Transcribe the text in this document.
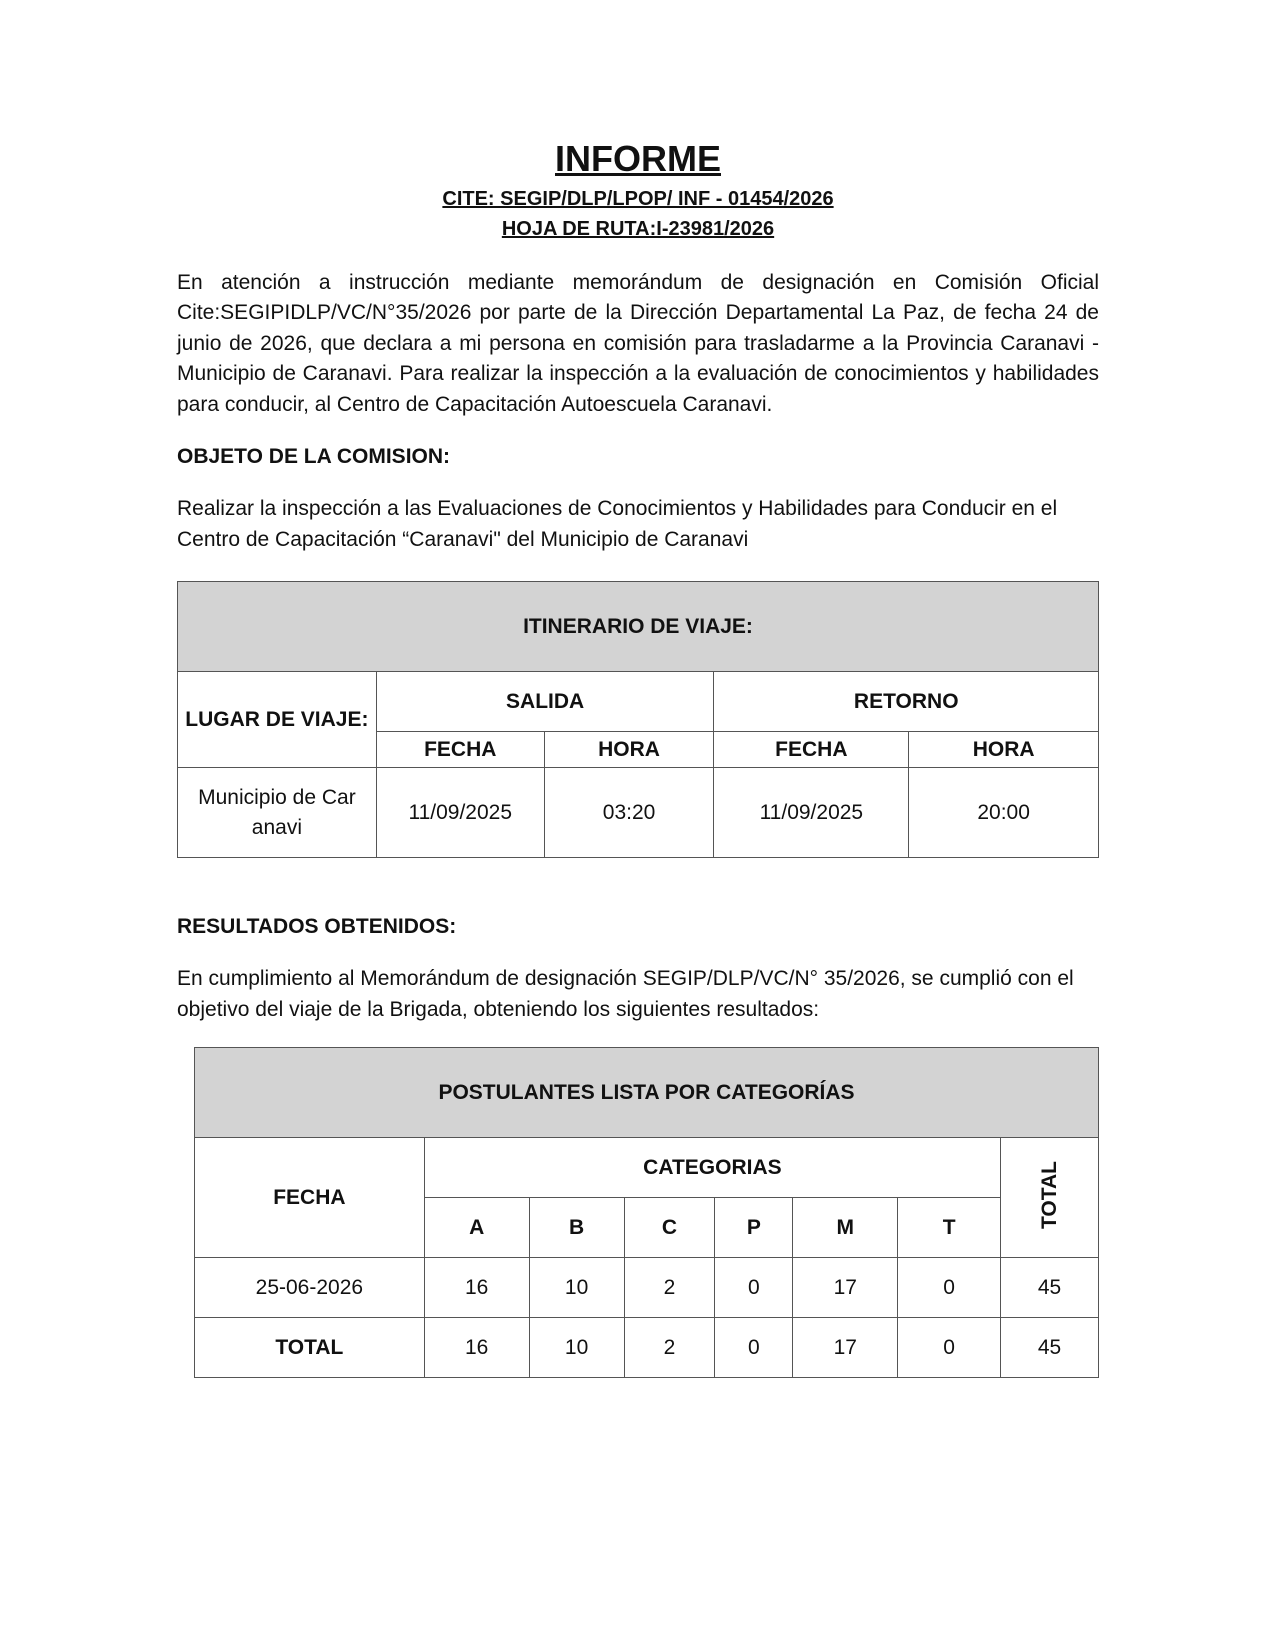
INFORME

CITE: SEGIP/DLP/LPOP/ INF - 01454/2026

HOJA DE RUTA:I-23981/2026

En atención a instrucción mediante memorándum de designación en Comisión Oficial Cite:SEGIPIDLP/VC/N°35/2026 por parte de la Dirección Departamental La Paz, de fecha 24 de junio de 2026, que declara a mi persona en comisión para trasladarme a la Provincia Caranavi - Municipio de Caranavi. Para realizar la inspección a la evaluación de conocimientos y habilidades para conducir, al Centro de Capacitación Autoescuela Caranavi.

OBJETO DE LA COMISION:

Realizar la inspección a las Evaluaciones de Conocimientos y Habilidades para Conducir en el Centro de Capacitación “Caranavi" del Municipio de Caranavi

ITINERARIO DE VIAJE:				
LUGAR DE VIAJE:	SALIDA		RETORNO	
	FECHA	HORA	FECHA	HORA
Municipio de Car anavi	11/09/2025	03:20	11/09/2025	20:00

RESULTADOS OBTENIDOS:

En cumplimiento al Memorándum de designación SEGIP/DLP/VC/N° 35/2026, se cumplió con el objetivo del viaje de la Brigada, obteniendo los siguientes resultados:

POSTULANTES LISTA POR CATEGORÍAS							
FECHA	CATEGORIAS						TOTAL
	A	B	C	P	M	T	
25-06-2026	16	10	2	0	17	0	45
TOTAL	16	10	2	0	17	0	45
